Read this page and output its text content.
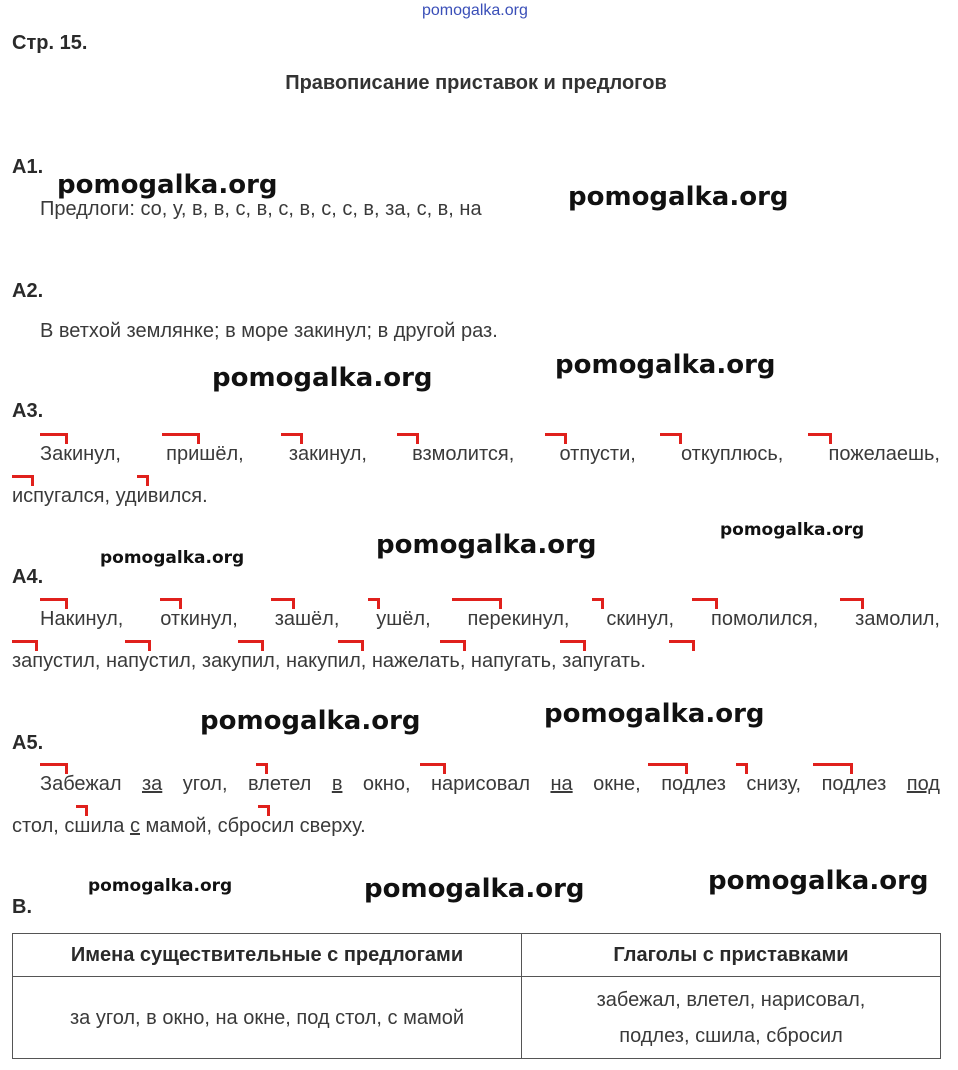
pomogalka.org
Стр. 15.
Правописание приставок и предлогов
А1.
Предлоги: со, у, в, в, с, в, с, в, с, с, в, за, с, в, на
А2.
В ветхой землянке; в море закинул; в другой раз.
А3.
Закинул, пришёл, закинул, взмолится, отпусти, откуплюсь, пожелаешь,
испугался, удивился.
А4.
Накинул, откинул, зашёл, ушёл, перекинул, скинул, помолился, замолил,
запустил, напустил, закупил, накупил, нажелать, напугать, запугать.
А5.
Забежал за угол, влетел в окно, нарисовал на окне, подлез снизу, подлез под
стол, сшила с мамой, сбросил сверху.
pomogalka.org	pomogalka.org
pomogalka.org
pomogalka.org
pomogalka.org
pomogalka.org
pomogalka.org
pomogalka.org
pomogalka.org
pomogalka.org
pomogalka.org	pomogalka.org
В.
Имена существительные с предлогами	Глаголы с приставками
за угол, в окно, на окне, под стол, с мамой	забежал, влетел, нарисовал,
подлез, сшила, сбросил
